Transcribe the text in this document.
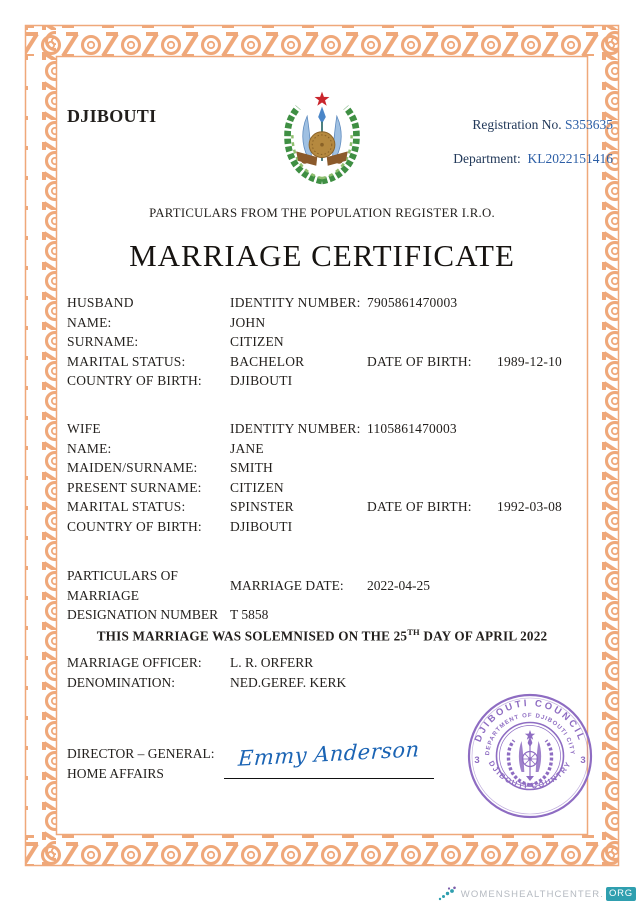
DJIBOUTI	Registration No. S353635
Department: KL2022151416
PARTICULARS FROM THE POPULATION REGISTER I.R.O.
MARRIAGE CERTIFICATE
HUSBAND	IDENTITY NUMBER: 7905861470003
NAME:	JOHN
SURNAME:	CITIZEN
MARITAL STATUS:	BACHELOR	DATE OF BIRTH:	1989-12-10
COUNTRY OF BIRTH:	DJIBOUTI
WIFE	IDENTITY NUMBER: 1105861470003
NAME:	JANE
MAIDEN/SURNAME:	SMITH
PRESENT SURNAME:	CITIZEN
MARITAL STATUS:	SPINSTER	DATE OF BIRTH:	1992-03-08
COUNTRY OF BIRTH:	DJIBOUTI
PARTICULARS OF
MARRIAGE
MARRIAGE DATE:	2022-04-25
DESIGNATION NUMBER T 5858
THIS MARRIAGE WAS SOLEMNISED ON THE 25TH DAY OF APRIL 2022
MARRIAGE OFFICER:	L. R. ORFERR
DENOMINATION:	NED.GEREF. KERK
DIRECTOR – GENERAL:
HOME AFFAIRS
Emmy Anderson	DJIBOUTI COUNCIL
DEPARTMENT OF DJIBOUTI CITY
DJIBOUTI COUNTRY
3	3
WOMENSHEALTHCENTER. ORG
